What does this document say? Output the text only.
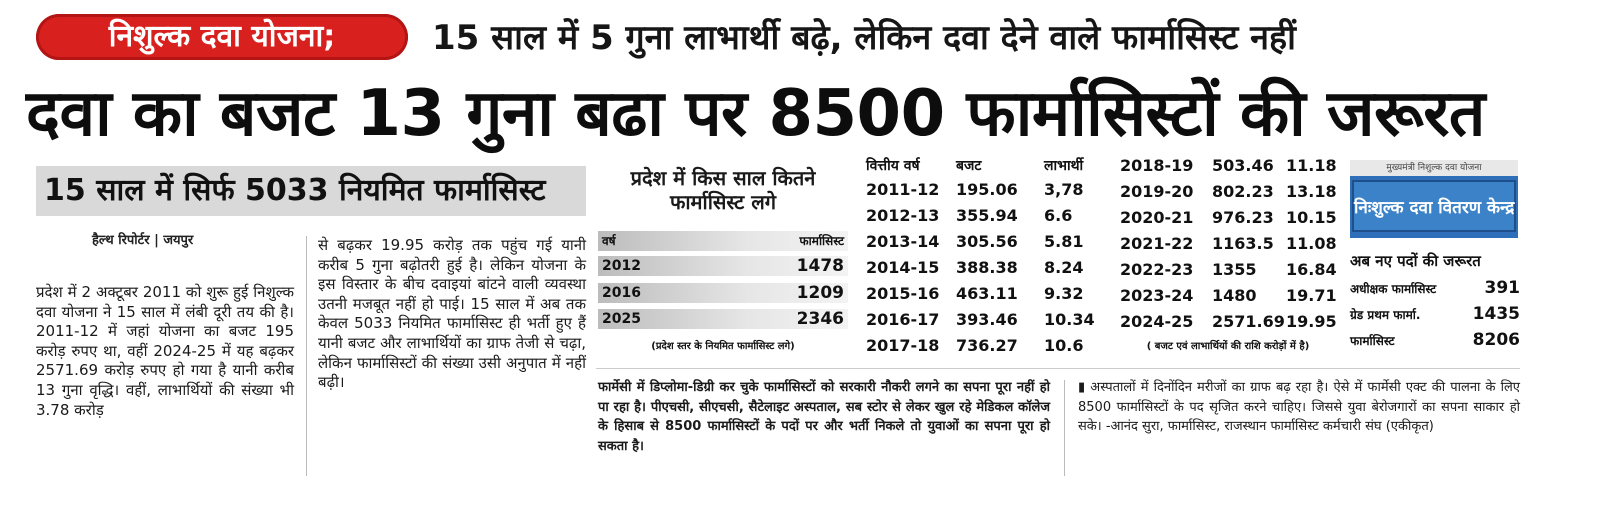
निशुल्क दवा योजना;	15 साल में 5 गुना लाभार्थी बढ़े, लेकिन दवा देने वाले फार्मासिस्ट नहीं
दवा का बजट 13 गुना बढा पर 8500 फार्मासिस्टों की जरूरत
15 साल में सिर्फ 5033 नियमित फार्मासिस्ट
हैल्थ रिपोर्टर | जयपुर
प्रदेश में 2 अक्टूबर 2011 को शुरू हुई निशुल्क दवा योजना ने 15 साल में लंबी दूरी तय की है। 2011-12 में जहां योजना का बजट 195 करोड़ रुपए था, वहीं 2024-25 में यह बढ़कर 2571.69 करोड़ रुपए हो गया है यानी करीब 13 गुना वृद्धि। वहीं, लाभार्थियों की संख्या भी 3.78 करोड़
से बढ़कर 19.95 करोड़ तक पहुंच गई यानी करीब 5 गुना बढ़ोतरी हुई है। लेकिन योजना के इस विस्तार के बीच दवाइयां बांटने वाली व्यवस्था उतनी मजबूत नहीं हो पाई। 15 साल में अब तक केवल 5033 नियमित फार्मासिस्ट ही भर्ती हुए हैं यानी बजट और लाभार्थियों का ग्राफ तेजी से चढ़ा, लेकिन फार्मासिस्टों की संख्या उसी अनुपात में नहीं बढ़ी।
प्रदेश में किस साल कितने फार्मासिस्ट लगे
वर्ष	फार्मासिस्ट
2012	1478
2016	1209
2025	2346
(प्रदेश स्तर के नियमित फार्मासिस्ट लगे)
वित्तीय वर्ष	बजट	लाभार्थी
2011-12 195.06 3,78
2012-13 355.94 6.6
2013-14 305.56 5.81
2014-15 388.38 8.24
2015-16 463.11 9.32
2016-17 393.46 10.34
2017-18 736.27 10.6
2018-19 503.46 11.18
2019-20 802.23 13.18
2020-21 976.23 10.15
2021-22 1163.5 11.08
2022-23 1355 16.84
2023-24 1480 19.71
2024-25 2571.69 19.95
( बजट एवं लाभार्थियों की राशि करोड़ों में है)
मुख्यमंत्री निशुल्क दवा योजना
निःशुल्क दवा वितरण केन्द्र
अब नए पदों की जरूरत
अधीक्षक फार्मासिस्ट	391
ग्रेड प्रथम फार्मा.	1435
फार्मासिस्ट	8206
फार्मेसी में डिप्लोमा-डिग्री कर चुके फार्मासिस्टों को सरकारी नौकरी लगने का सपना पूरा नहीं हो पा रहा है। पीएचसी, सीएचसी, सैटेलाइट अस्पताल, सब स्टोर से लेकर खुल रहे मेडिकल कॉलेज के हिसाब से 8500 फार्मासिस्टों के पदों पर और भर्ती निकले तो युवाओं का सपना पूरा हो सकता है।
▮ अस्पतालों में दिनोंदिन मरीजों का ग्राफ बढ़ रहा है। ऐसे में फार्मेसी एक्ट की पालना के लिए 8500 फार्मासिस्टों के पद सृजित करने चाहिए। जिससे युवा बेरोजगारों का सपना साकार हो सके। -आनंद सुरा, फार्मासिस्ट, राजस्थान फार्मासिस्ट कर्मचारी संघ (एकीकृत)
